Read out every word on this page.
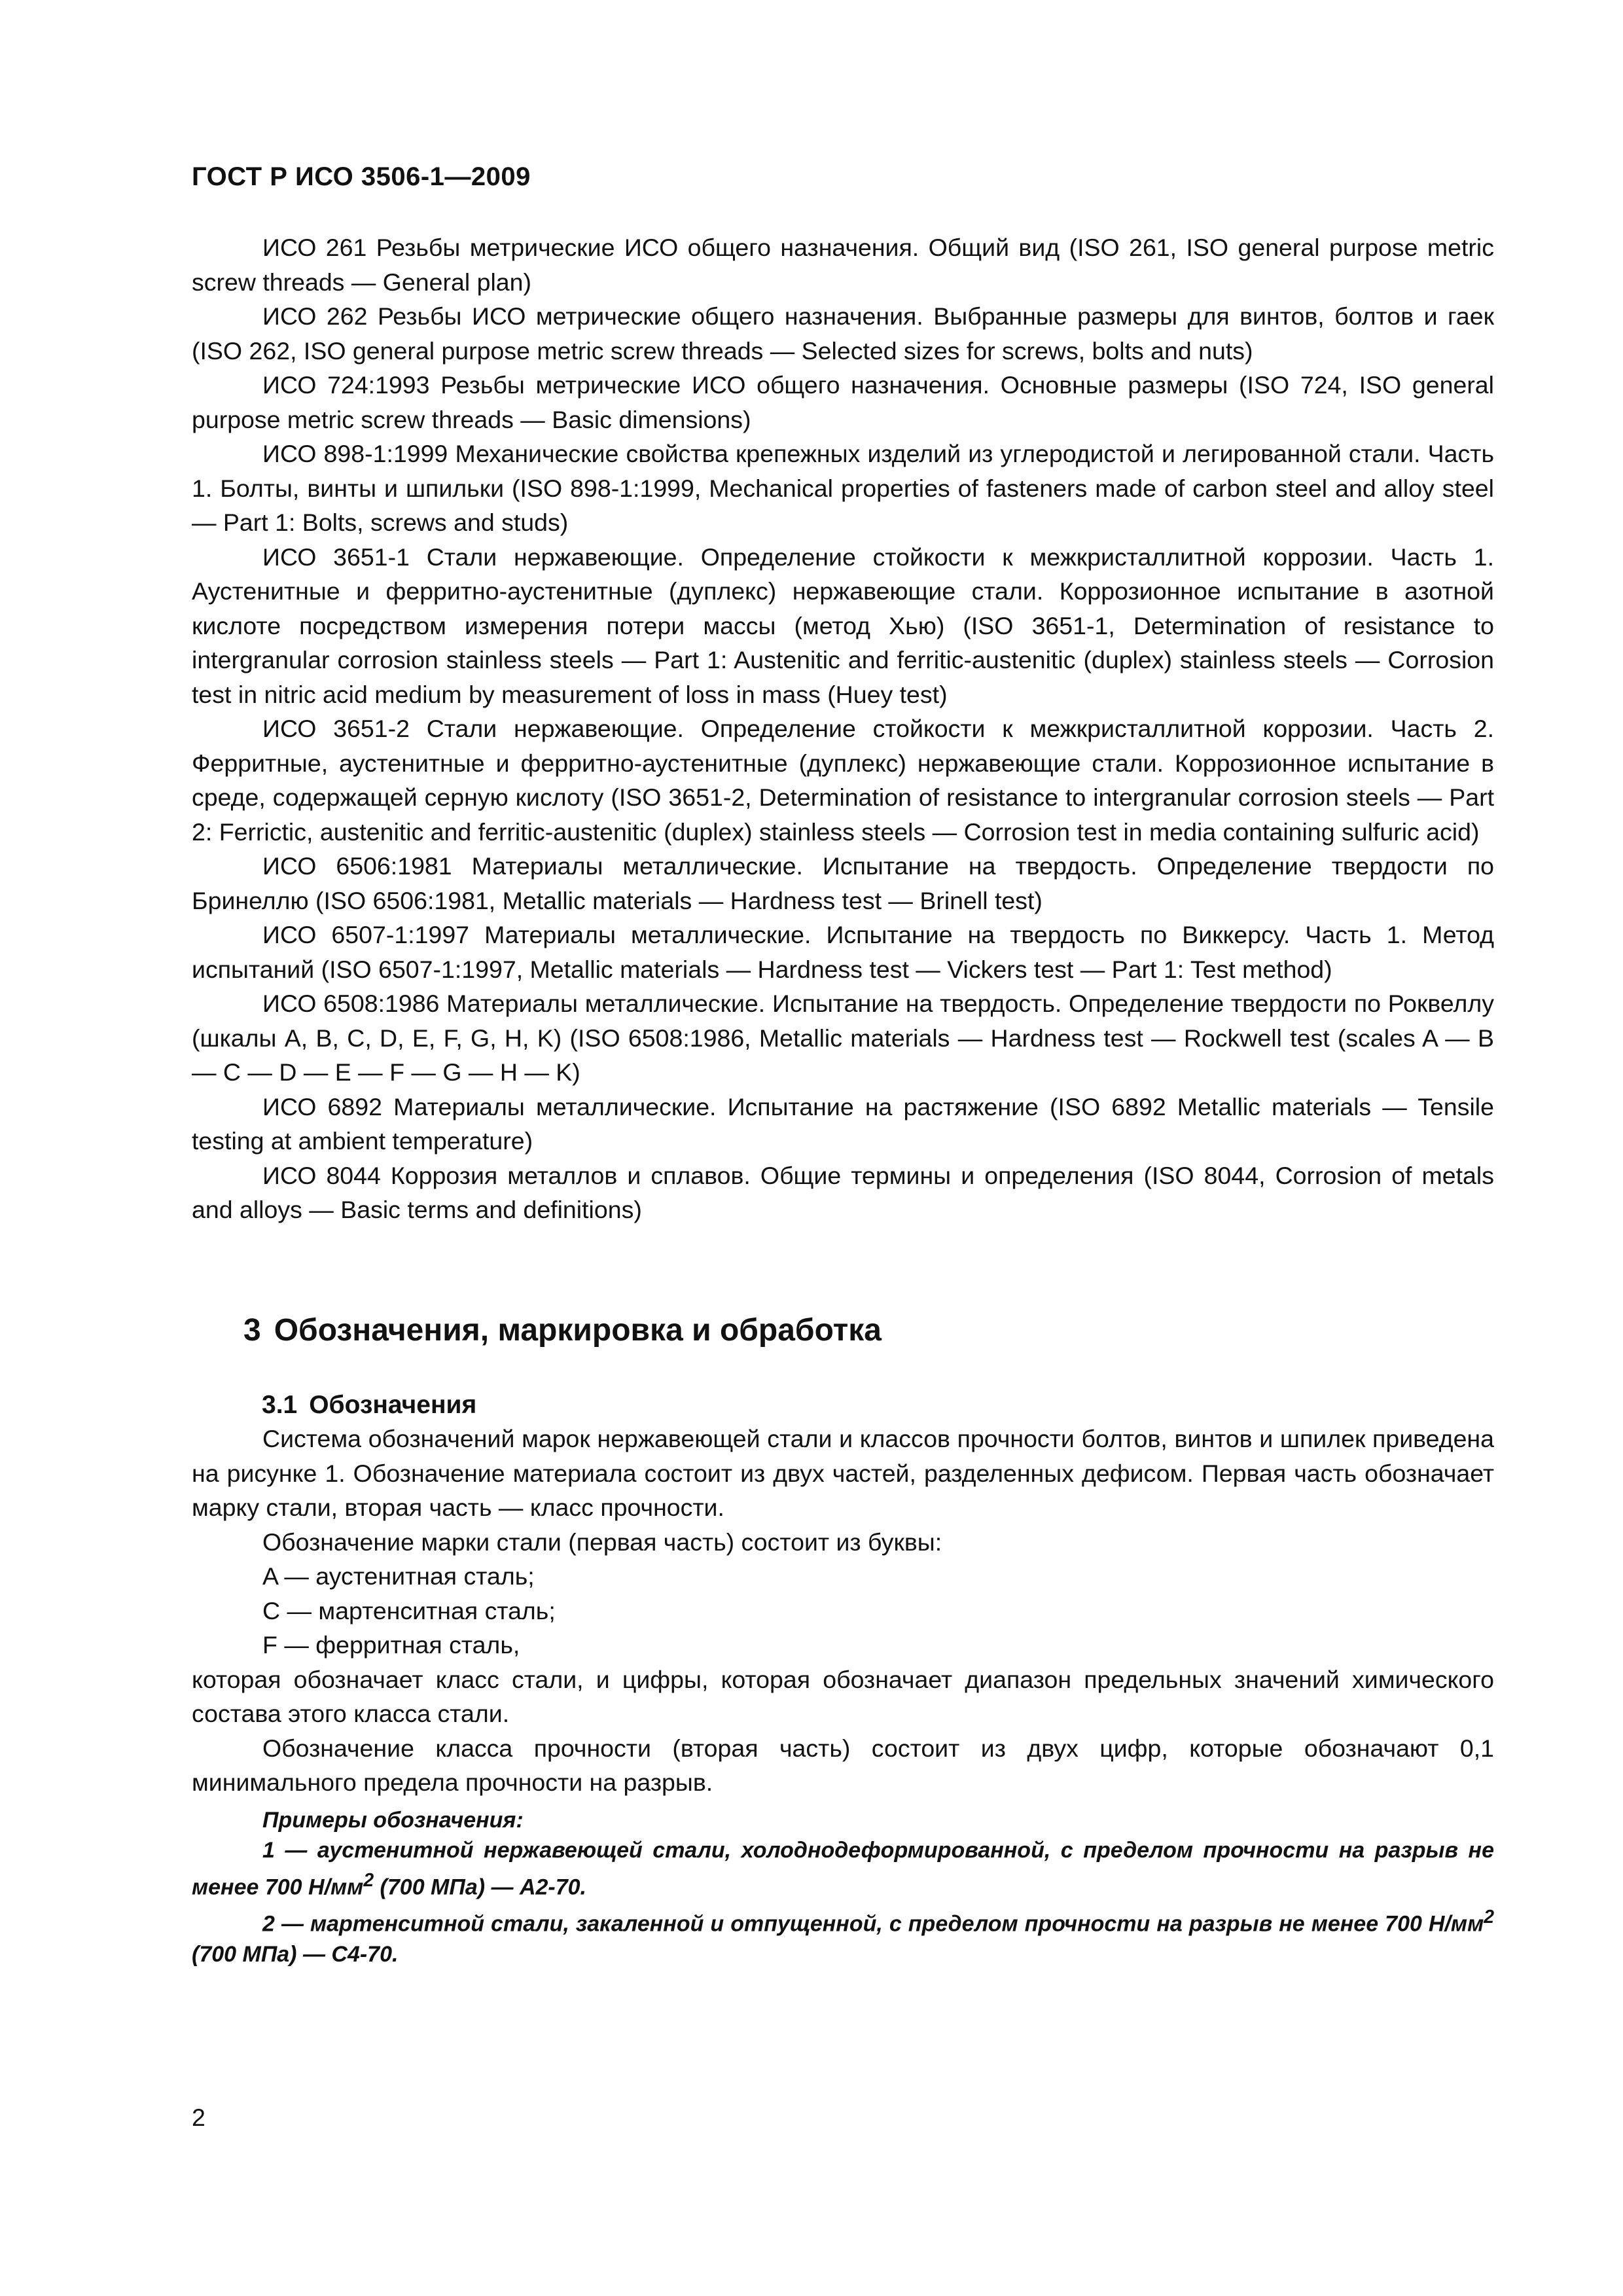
ГОСТ Р ИСО 3506-1—2009

ИСО 261 Резьбы метрические ИСО общего назначения. Общий вид (ISO 261, ISO general purpose metric screw threads — General plan)

ИСО 262 Резьбы ИСО метрические общего назначения. Выбранные размеры для винтов, болтов и гаек (ISO 262, ISO general purpose metric screw threads — Selected sizes for screws, bolts and nuts)

ИСО 724:1993 Резьбы метрические ИСО общего назначения. Основные размеры (ISO 724, ISO general purpose metric screw threads — Basic dimensions)

ИСО 898-1:1999 Механические свойства крепежных изделий из углеродистой и легированной стали. Часть 1. Болты, винты и шпильки (ISO 898-1:1999, Mechanical properties of fasteners made of carbon steel and alloy steel — Part 1: Bolts, screws and studs)

ИСО 3651-1 Стали нержавеющие. Определение стойкости к межкристаллитной коррозии. Часть 1. Аустенитные и ферритно-аустенитные (дуплекс) нержавеющие стали. Коррозионное испытание в азотной кислоте посредством измерения потери массы (метод Хью) (ISO 3651-1, Determination of resistance to intergranular corrosion stainless steels — Part 1: Austenitic and ferritic-austenitic (duplex) stainless steels — Corrosion test in nitric acid medium by measurement of loss in mass (Huey test)

ИСО 3651-2 Стали нержавеющие. Определение стойкости к межкристаллитной коррозии. Часть 2. Ферритные, аустенитные и ферритно-аустенитные (дуплекс) нержавеющие стали. Коррозионное испытание в среде, содержащей серную кислоту (ISO 3651-2, Determination of resistance to intergranular corrosion steels — Part 2: Ferrictic, austenitic and ferritic-austenitic (duplex) stainless steels — Corrosion test in media containing sulfuric acid)

ИСО 6506:1981 Материалы металлические. Испытание на твердость. Определение твердости по Бринеллю (ISO 6506:1981, Metallic materials — Hardness test — Brinell test)

ИСО 6507-1:1997 Материалы металлические. Испытание на твердость по Виккерсу. Часть 1. Метод испытаний (ISO 6507-1:1997, Metallic materials — Hardness test — Vickers test — Part 1: Test method)

ИСО 6508:1986 Материалы металлические. Испытание на твердость. Определение твердости по Роквеллу (шкалы A, B, C, D, E, F, G, H, K) (ISO 6508:1986, Metallic materials — Hardness test — Rockwell test (scales A — B — C — D — E — F — G — H — K)

ИСО 6892 Материалы металлические. Испытание на растяжение (ISO 6892 Metallic materials — Tensile testing at ambient temperature)

ИСО 8044 Коррозия металлов и сплавов. Общие термины и определения (ISO 8044, Corrosion of metals and alloys — Basic terms and definitions)

3 Обозначения, маркировка и обработка
3.1 Обозначения

Система обозначений марок нержавеющей стали и классов прочности болтов, винтов и шпилек приведена на рисунке 1. Обозначение материала состоит из двух частей, разделенных дефисом. Первая часть обозначает марку стали, вторая часть — класс прочности.

Обозначение марки стали (первая часть) состоит из буквы:

A — аустенитная сталь;

C — мартенситная сталь;

F — ферритная сталь,

которая обозначает класс стали, и цифры, которая обозначает диапазон предельных значений химического состава этого класса стали.

Обозначение класса прочности (вторая часть) состоит из двух цифр, которые обозначают 0,1 минимального предела прочности на разрыв.

Примеры обозначения:

1 — аустенитной нержавеющей стали, холоднодеформированной, с пределом прочности на разрыв не менее 700 $Н/мм^2$ (700 МПа) — A2-70.

2 — мартенситной стали, закаленной и отпущенной, с пределом прочности на разрыв не менее 700 $Н/мм^2$ (700 МПа) — C4-70.

2
